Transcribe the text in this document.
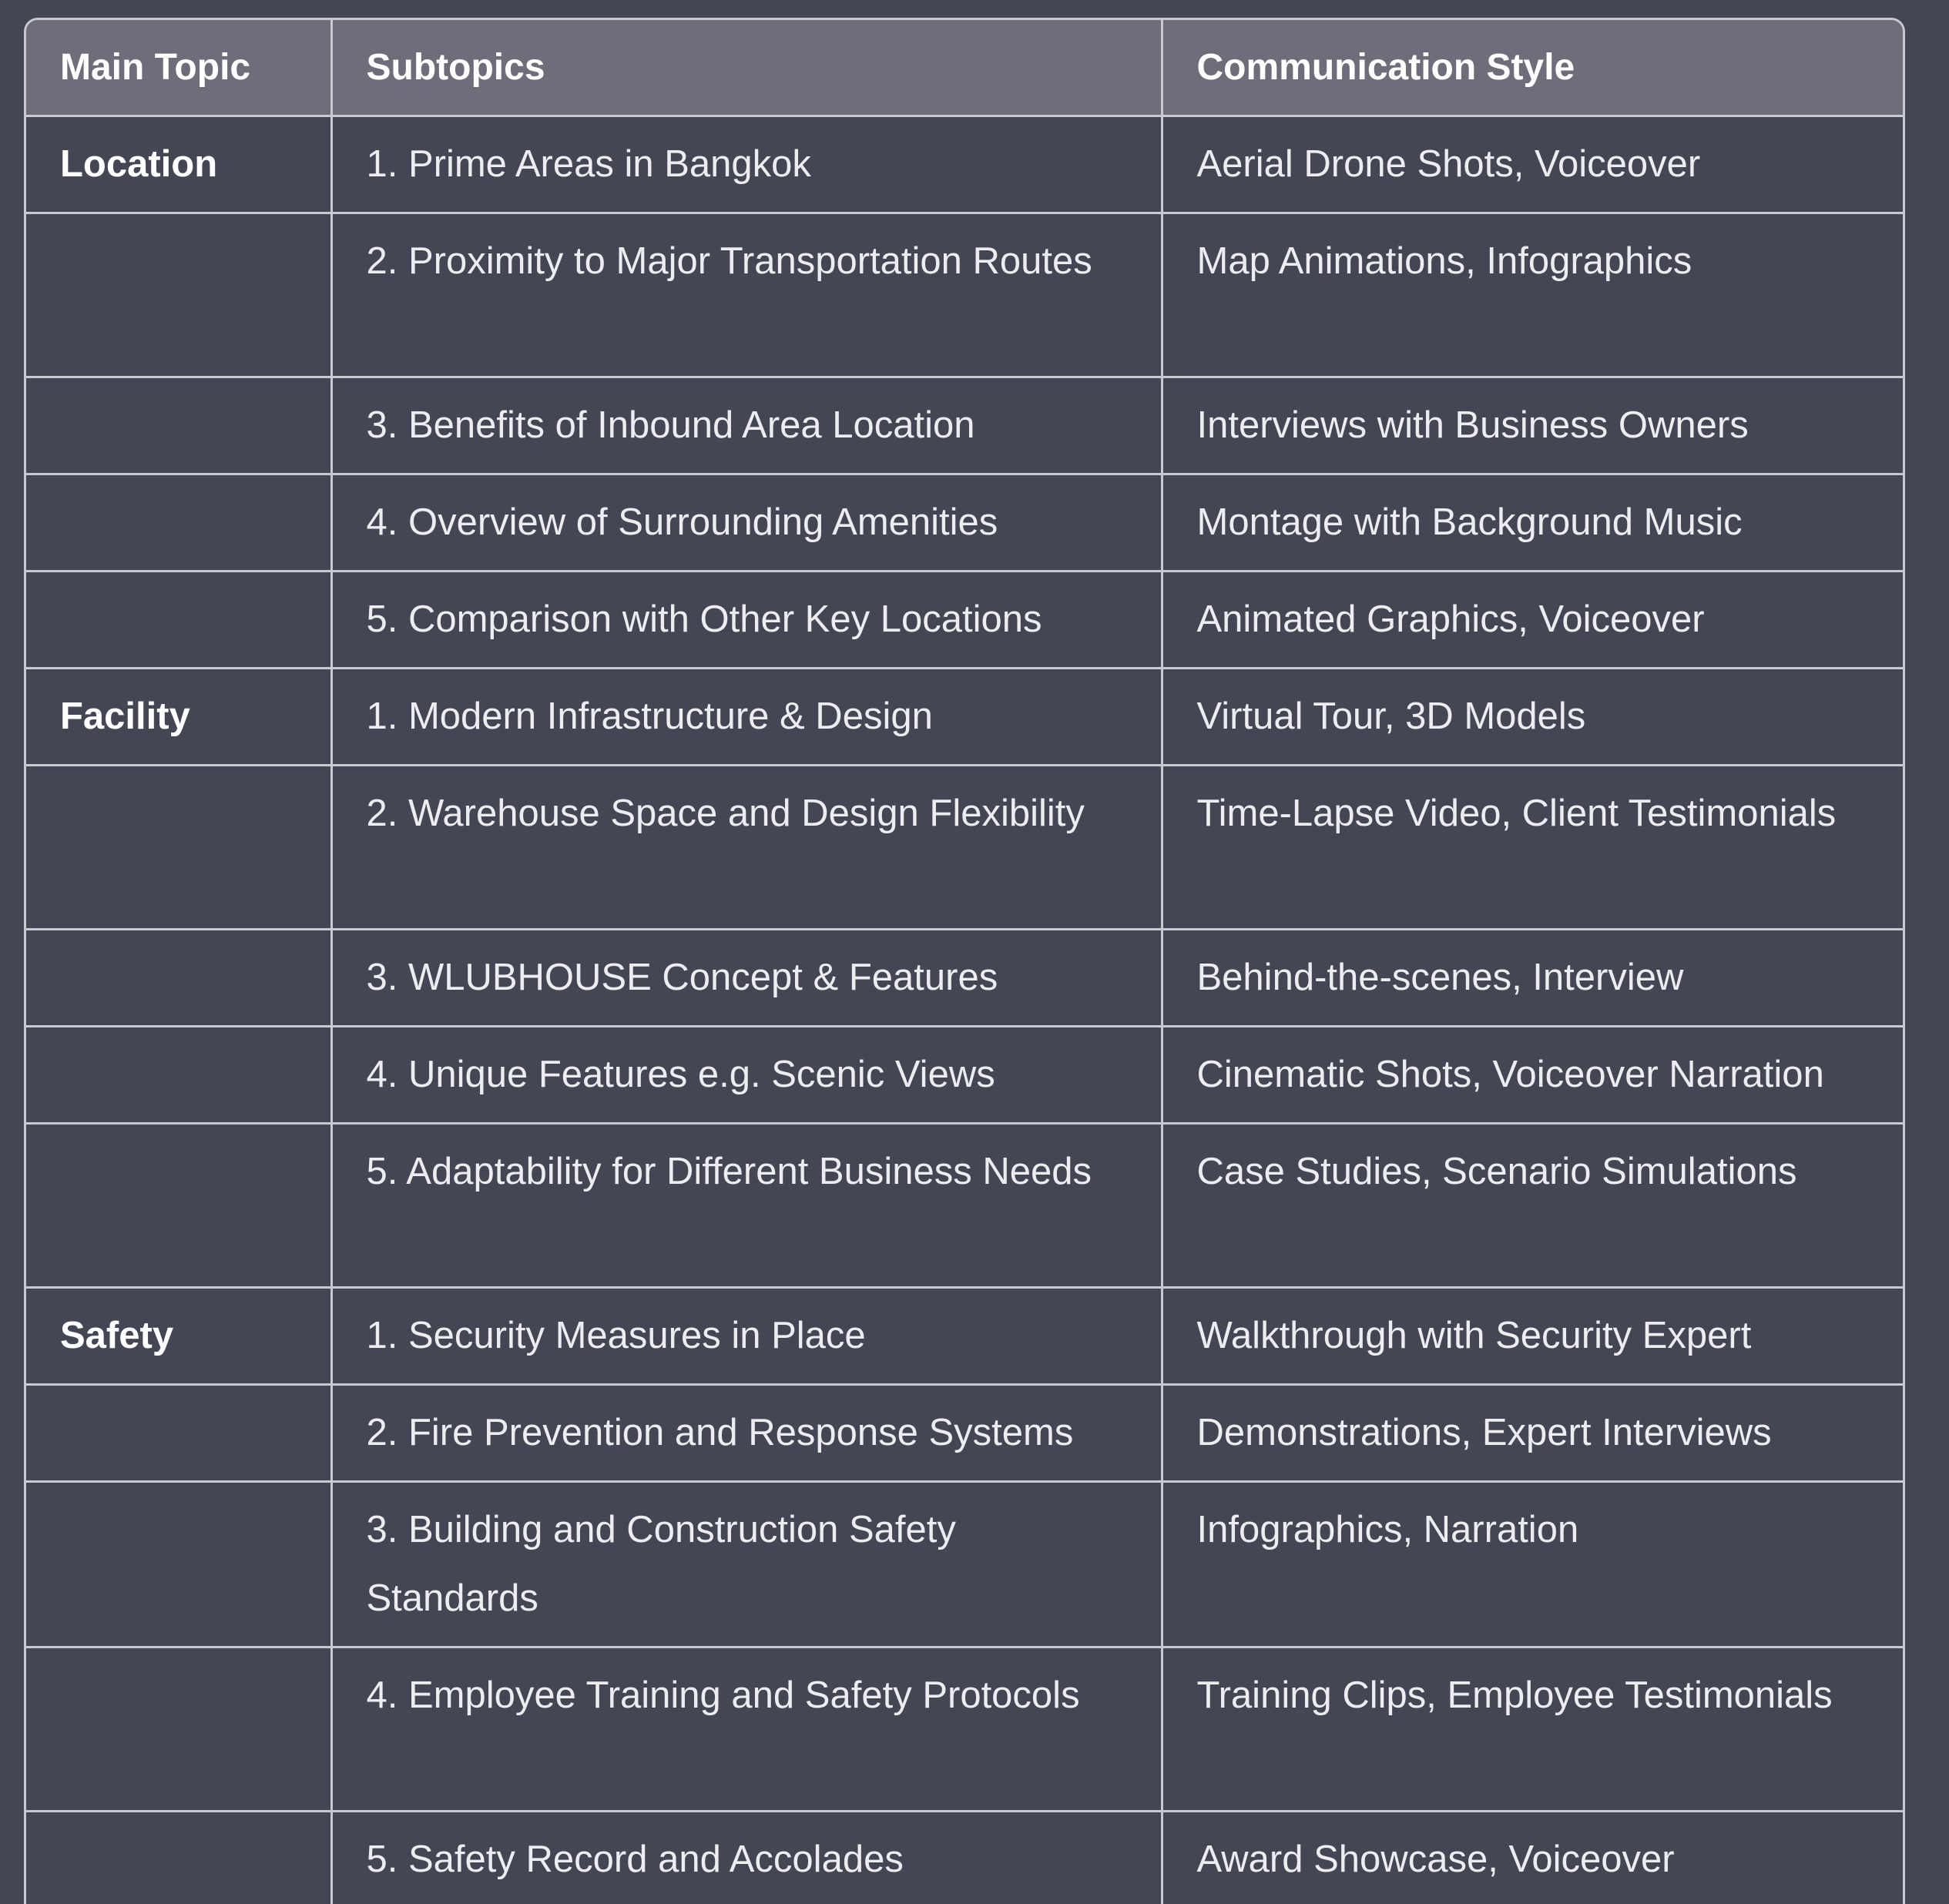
Main Topic	Subtopics	Communication Style
Location	1. Prime Areas in Bangkok	Aerial Drone Shots, Voiceover
	2. Proximity to Major Transportation Routes	Map Animations, Infographics
	3. Benefits of Inbound Area Location	Interviews with Business Owners
	4. Overview of Surrounding Amenities	Montage with Background Music
	5. Comparison with Other Key Locations	Animated Graphics, Voiceover
Facility	1. Modern Infrastructure & Design	Virtual Tour, 3D Models
	2. Warehouse Space and Design Flexibility	Time-Lapse Video, Client Testimonials
	3. WLUBHOUSE Concept & Features	Behind-the-scenes, Interview
	4. Unique Features e.g. Scenic Views	Cinematic Shots, Voiceover Narration
	5. Adaptability for Different Business Needs	Case Studies, Scenario Simulations
Safety	1. Security Measures in Place	Walkthrough with Security Expert
	2. Fire Prevention and Response Systems	Demonstrations, Expert Interviews
	3. Building and Construction Safety Standards	Infographics, Narration
	4. Employee Training and Safety Protocols	Training Clips, Employee Testimonials
	5. Safety Record and Accolades	Award Showcase, Voiceover
